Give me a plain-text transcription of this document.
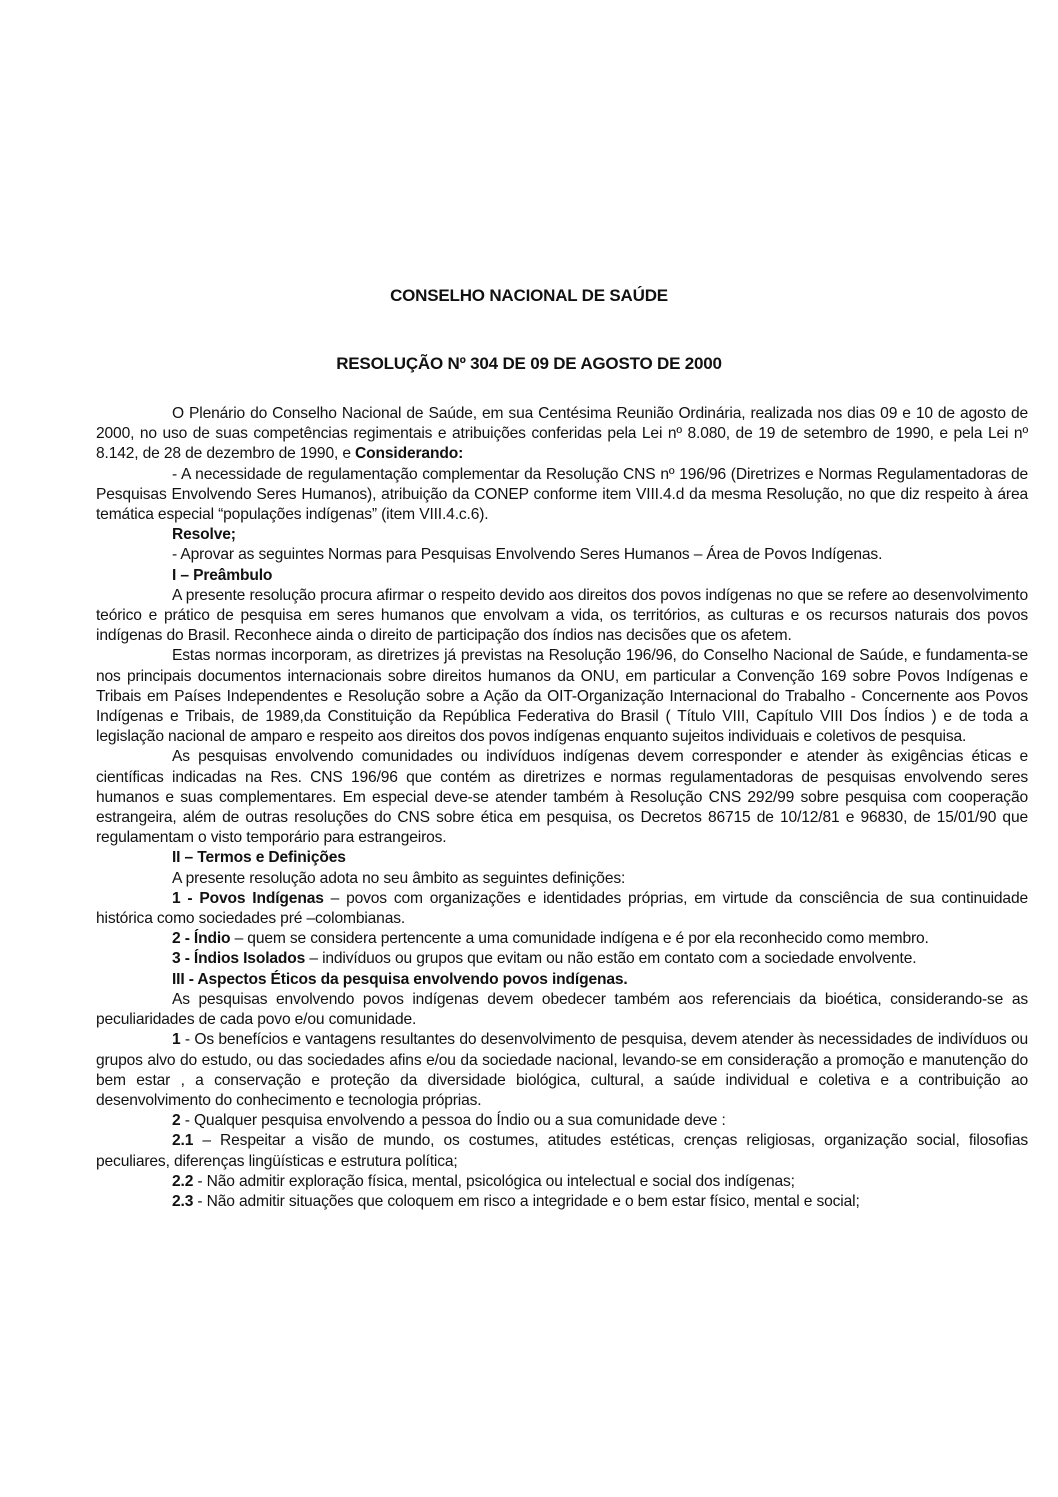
CONSELHO NACIONAL DE SAÚDE
RESOLUÇÃO Nº 304 DE 09 DE AGOSTO DE 2000

O Plenário do Conselho Nacional de Saúde, em sua Centésima Reunião Ordinária, realizada nos dias 09 e 10 de agosto de 2000, no uso de suas competências regimentais e atribuições conferidas pela Lei nº 8.080, de 19 de setembro de 1990, e pela Lei nº 8.142, de 28 de dezembro de 1990, e Considerando:

- A necessidade de regulamentação complementar da Resolução CNS nº 196/96 (Diretrizes e Normas Regulamentadoras de Pesquisas Envolvendo Seres Humanos), atribuição da CONEP conforme item VIII.4.d da mesma Resolução, no que diz respeito à área temática especial “populações indígenas” (item VIII.4.c.6).

Resolve;

- Aprovar as seguintes Normas para Pesquisas Envolvendo Seres Humanos – Área de Povos Indígenas.

I – Preâmbulo

A presente resolução procura afirmar o respeito devido aos direitos dos povos indígenas no que se refere ao desenvolvimento teórico e prático de pesquisa em seres humanos que envolvam a vida, os territórios, as culturas e os recursos naturais dos povos indígenas do Brasil. Reconhece ainda o direito de participação dos índios nas decisões que os afetem.

Estas normas incorporam, as diretrizes já previstas na Resolução 196/96, do Conselho Nacional de Saúde, e fundamenta-se nos principais documentos internacionais sobre direitos humanos da ONU, em particular a Convenção 169 sobre Povos Indígenas e Tribais em Países Independentes e Resolução sobre a Ação da OIT-Organização Internacional do Trabalho - Concernente aos Povos Indígenas e Tribais, de 1989,da Constituição da República Federativa do Brasil ( Título VIII, Capítulo VIII Dos Índios ) e de toda a legislação nacional de amparo e respeito aos direitos dos povos indígenas enquanto sujeitos individuais e coletivos de pesquisa.

As pesquisas envolvendo comunidades ou indivíduos indígenas devem corresponder e atender às exigências éticas e científicas indicadas na Res. CNS 196/96 que contém as diretrizes e normas regulamentadoras de pesquisas envolvendo seres humanos e suas complementares. Em especial deve-se atender também à Resolução CNS 292/99 sobre pesquisa com cooperação estrangeira, além de outras resoluções do CNS sobre ética em pesquisa, os Decretos 86715 de 10/12/81 e 96830, de 15/01/90 que regulamentam o visto temporário para estrangeiros.

II – Termos e Definições

A presente resolução adota no seu âmbito as seguintes definições:

1 - Povos Indígenas – povos com organizações e identidades próprias, em virtude da consciência de sua continuidade histórica como sociedades pré –colombianas.

2 - Índio – quem se considera pertencente a uma comunidade indígena e é por ela reconhecido como membro.

3 - Índios Isolados – indivíduos ou grupos que evitam ou não estão em contato com a sociedade envolvente.

III - Aspectos Éticos da pesquisa envolvendo povos indígenas.

As pesquisas envolvendo povos indígenas devem obedecer também aos referenciais da bioética, considerando-se as peculiaridades de cada povo e/ou comunidade.

1 - Os benefícios e vantagens resultantes do desenvolvimento de pesquisa, devem atender às necessidades de indivíduos ou grupos alvo do estudo, ou das sociedades afins e/ou da sociedade nacional, levando-se em consideração a promoção e manutenção do bem estar , a conservação e proteção da diversidade biológica, cultural, a saúde individual e coletiva e a contribuição ao desenvolvimento do conhecimento e tecnologia próprias.

2 - Qualquer pesquisa envolvendo a pessoa do Índio ou a sua comunidade deve :

2.1 – Respeitar a visão de mundo, os costumes, atitudes estéticas, crenças religiosas, organização social, filosofias peculiares, diferenças lingüísticas e estrutura política;

2.2 - Não admitir exploração física, mental, psicológica ou intelectual e social dos indígenas;

2.3 - Não admitir situações que coloquem em risco a integridade e o bem estar físico, mental e social;
